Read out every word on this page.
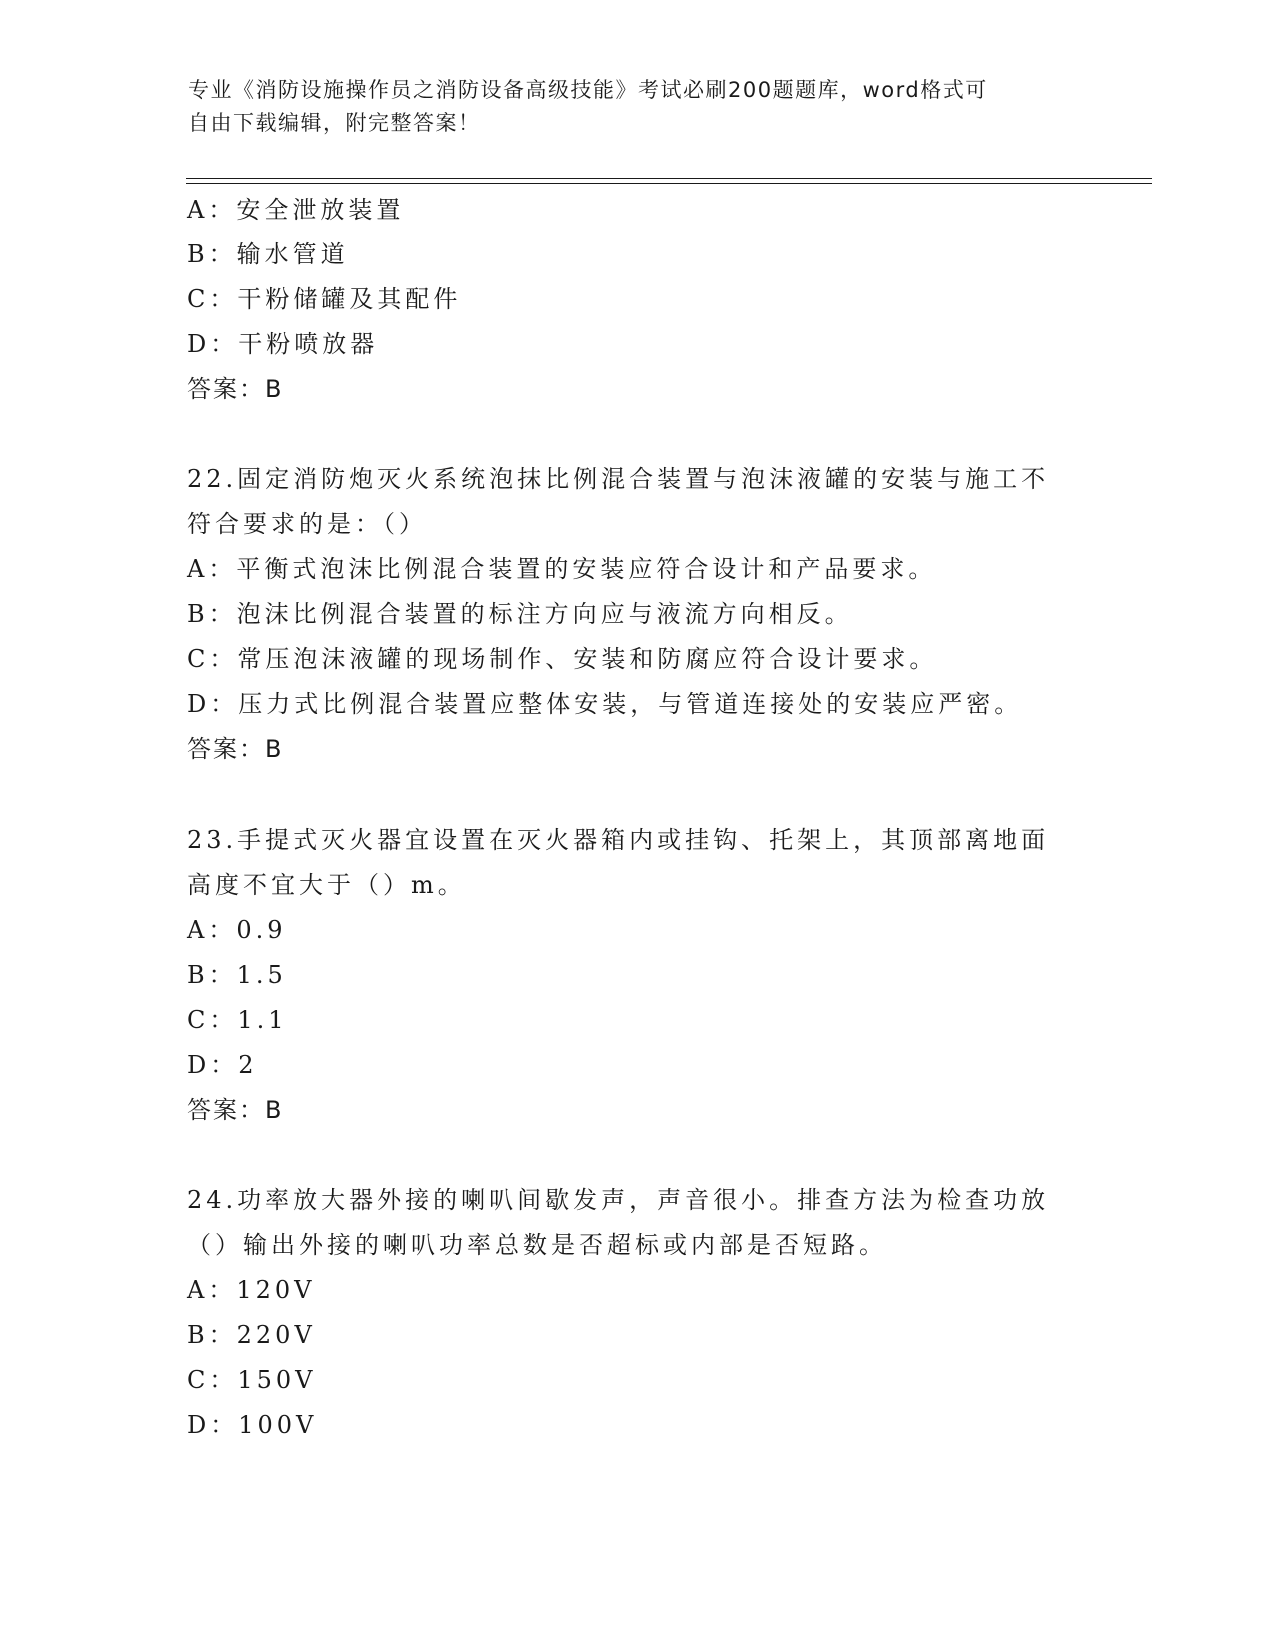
专业《消防设施操作员之消防设备高级技能》考试必刷200题题库，word格式可
自由下载编辑，附完整答案！
A：安全泄放装置
B：输水管道
C：干粉储罐及其配件
D：干粉喷放器
答案：B
22.固定消防炮灭火系统泡抹比例混合装置与泡沫液罐的安装与施工不
符合要求的是：（）
A：平衡式泡沫比例混合装置的安装应符合设计和产品要求。
B：泡沫比例混合装置的标注方向应与液流方向相反。
C：常压泡沫液罐的现场制作、安装和防腐应符合设计要求。
D：压力式比例混合装置应整体安装，与管道连接处的安装应严密。
答案：B
23.手提式灭火器宜设置在灭火器箱内或挂钩、托架上，其顶部离地面
高度不宜大于（）m。
A：0.9
B：1.5
C：1.1
D：2
答案：B
24.功率放大器外接的喇叭间歇发声，声音很小。排查方法为检查功放
（）输出外接的喇叭功率总数是否超标或内部是否短路。
A：120V
B：220V
C：150V
D：100V
